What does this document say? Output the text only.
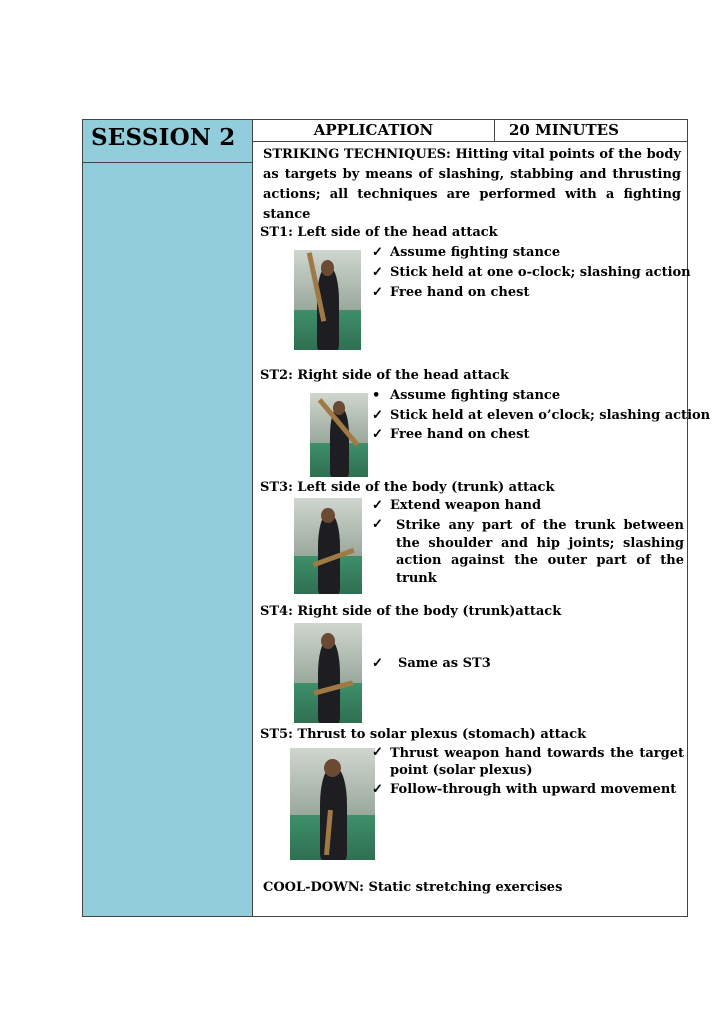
SESSION 2	APPLICATION	20 MINUTES
STRIKING TECHNIQUES: Hitting vital points of the body as targets by means of slashing, stabbing and thrusting actions; all techniques are performed with a fighting stance
ST1: Left side of the head attack
✓ Assume fighting stance
✓ Stick held at one o-clock; slashing action
✓ Free hand on chest
ST2: Right side of the head attack
• Assume fighting stance
✓ Stick held at eleven o’clock; slashing action
✓ Free hand on chest
ST3: Left side of the body (trunk) attack
✓ Extend weapon hand
✓ Strike any part of the trunk between the shoulder and hip joints; slashing action against the outer part of the trunk
ST4: Right side of the body (trunk)attack
✓ Same as ST3
ST5: Thrust to solar plexus (stomach) attack
✓ Thrust weapon hand towards the target point (solar plexus)
✓ Follow-through with upward movement
COOL-DOWN: Static stretching exercises
